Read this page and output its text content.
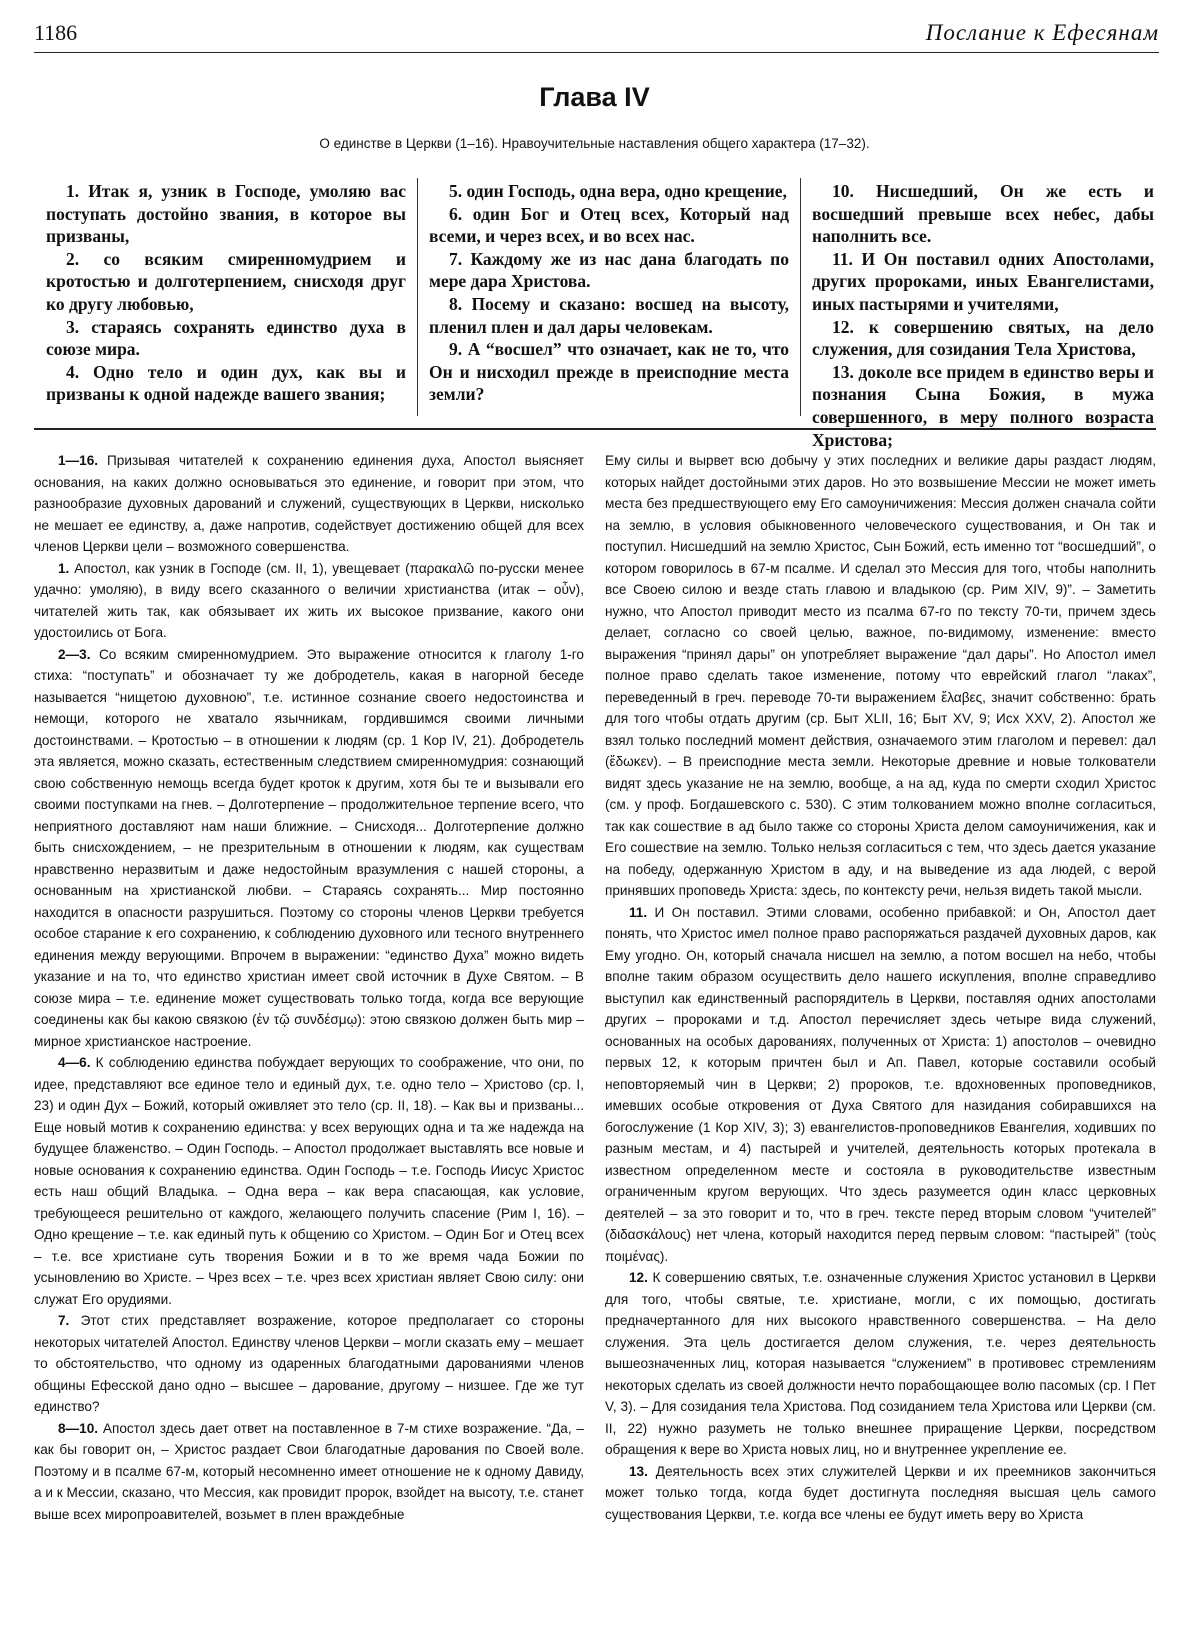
1186	Послание к Ефесянам
Глава IV
О единстве в Церкви (1–16). Нравоучительные наставления общего характера (17–32).

1. Итак я, узник в Господе, умоляю вас поступать достойно звания, в которое вы призваны,

2. со всяким смиренномудрием и кротостью и долготерпением, снисходя друг ко другу любовью,

3. стараясь сохранять единство духа в союзе мира.

4. Одно тело и один дух, как вы и призваны к одной надежде вашего звания;

5. один Господь, одна вера, одно крещение,

6. один Бог и Отец всех, Который над всеми, и через всех, и во всех нас.

7. Каждому же из нас дана благодать по мере дара Христова.

8. Посему и сказано: восшед на высоту, пленил плен и дал дары человекам.

9. А “восшел” что означает, как не то, что Он и нисходил прежде в преисподние места земли?

10. Нисшедший, Он же есть и восшедший превыше всех небес, дабы наполнить все.

11. И Он поставил одних Апостолами, других пророками, иных Евангелистами, иных пастырями и учителями,

12. к совершению святых, на дело служения, для созидания Тела Христова,

13. доколе все придем в единство веры и познания Сына Божия, в мужа совершенного, в меру полного возраста Христова;

1—16. Призывая читателей к сохранению единения духа, Апостол выясняет основания, на каких должно основываться это единение, и говорит при этом, что разнообразие духовных дарований и служений, существующих в Церкви, нисколько не мешает ее единству, а, даже напротив, содействует достижению общей для всех членов Церкви цели – возможного совершенства.

1. Апостол, как узник в Господе (см. II, 1), увещевает (παρακαλῶ по-русски менее удачно: умоляю), в виду всего сказанного о величии христианства (итак – οὖν), читателей жить так, как обязывает их жить их высокое призвание, какого они удостоились от Бога.

2—3. Со всяким смиренномудрием. Это выражение относится к глаголу 1-го стиха: “поступать” и обозначает ту же добродетель, какая в нагорной беседе называется “нищетою духовною”, т.е. истинное сознание своего недостоинства и немощи, которого не хватало язычникам, гордившимся своими личными достоинствами. – Кротостью – в отношении к людям (ср. 1 Кор IV, 21). Добродетель эта является, можно сказать, естественным следствием смиренномудрия: сознающий свою собственную немощь всегда будет кроток к другим, хотя бы те и вызывали его своими поступками на гнев. – Долготерпение – продолжительное терпение всего, что неприятного доставляют нам наши ближние. – Снисходя... Долготерпение должно быть снисхождением, – не презрительным в отношении к людям, как существам нравственно неразвитым и даже недостойным вразумления с нашей стороны, а основанным на христианской любви. – Стараясь сохранять... Мир постоянно находится в опасности разрушиться. Поэтому со стороны членов Церкви требуется особое старание к его сохранению, к соблюдению духовного или тесного внутреннего единения между верующими. Впрочем в выражении: “единство Духа” можно видеть указание и на то, что единство христиан имеет свой источник в Духе Святом. – В союзе мира – т.е. единение может существовать только тогда, когда все верующие соединены как бы какою связкою (ἐν τῷ συνδέσμῳ): этою связкою должен быть мир – мирное христианское настроение.

4—6. К соблюдению единства побуждает верующих то соображение, что они, по идее, представляют все единое тело и единый дух, т.е. одно тело – Христово (ср. I, 23) и один Дух – Божий, который оживляет это тело (ср. II, 18). – Как вы и призваны... Еще новый мотив к сохранению единства: у всех верующих одна и та же надежда на будущее блаженство. – Один Господь. – Апостол продолжает выставлять все новые и новые основания к сохранению единства. Один Господь – т.е. Господь Иисус Христос есть наш общий Владыка. – Одна вера – как вера спасающая, как условие, требующееся решительно от каждого, желающего получить спасение (Рим I, 16). – Одно крещение – т.е. как единый путь к общению со Христом. – Один Бог и Отец всех – т.е. все христиане суть творения Божии и в то же время чада Божии по усыновлению во Христе. – Чрез всех – т.е. чрез всех христиан являет Свою силу: они служат Его орудиями.

7. Этот стих представляет возражение, которое предполагает со стороны некоторых читателей Апостол. Единству членов Церкви – могли сказать ему – мешает то обстоятельство, что одному из одаренных благодатными дарованиями членов общины Ефесской дано одно – высшее – дарование, другому – низшее. Где же тут единство?

8—10. Апостол здесь дает ответ на поставленное в 7-м стихе возражение. “Да, – как бы говорит он, – Христос раздает Свои благодатные дарования по Своей воле. Поэтому и в псалме 67-м, который несомненно имеет отношение не к одному Давиду, а и к Мессии, сказано, что Мессия, как провидит пророк, взойдет на высоту, т.е. станет выше всех миропроавителей, возьмет в плен враждебные

Ему силы и вырвет всю добычу у этих последних и великие дары раздаст людям, которых найдет достойными этих даров. Но это возвышение Мессии не может иметь места без предшествующего ему Его самоуничижения: Мессия должен сначала сойти на землю, в условия обыкновенного человеческого существования, и Он так и поступил. Нисшедший на землю Христос, Сын Божий, есть именно тот “восшедший”, о котором говорилось в 67-м псалме. И сделал это Мессия для того, чтобы наполнить все Своею силою и везде стать главою и владыкою (ср. Рим XIV, 9)”. – Заметить нужно, что Апостол приводит место из псалма 67-го по тексту 70-ти, причем здесь делает, согласно со своей целью, важное, по-видимому, изменение: вместо выражения “принял дары” он употребляет выражение “дал дары”. Но Апостол имел полное право сделать такое изменение, потому что еврейский глагол “лаках”, переведенный в греч. переводе 70-ти выражением ἔλαβες, значит собственно: брать для того чтобы отдать другим (ср. Быт XLII, 16; Быт XV, 9; Исх XXV, 2). Апостол же взял только последний момент действия, означаемого этим глаголом и перевел: дал (ἔδωκεν). – В преисподние места земли. Некоторые древние и новые толкователи видят здесь указание не на землю, вообще, а на ад, куда по смерти сходил Христос (см. у проф. Богдашевского с. 530). С этим толкованием можно вполне согласиться, так как сошествие в ад было также со стороны Христа делом самоуничижения, как и Его сошествие на землю. Только нельзя согласиться с тем, что здесь дается указание на победу, одержанную Христом в аду, и на выведение из ада людей, с верой принявших проповедь Христа: здесь, по контексту речи, нельзя видеть такой мысли.

11. И Он поставил. Этими словами, особенно прибавкой: и Он, Апостол дает понять, что Христос имел полное право распоряжаться раздачей духовных даров, как Ему угодно. Он, который сначала нисшел на землю, а потом восшел на небо, чтобы вполне таким образом осуществить дело нашего искупления, вполне справедливо выступил как единственный распорядитель в Церкви, поставляя одних апостолами других – пророками и т.д. Апостол перечисляет здесь четыре вида служений, основанных на особых дарованиях, полученных от Христа: 1) апостолов – очевидно первых 12, к которым причтен был и Ап. Павел, которые составили особый неповторяемый чин в Церкви; 2) пророков, т.е. вдохновенных проповедников, имевших особые откровения от Духа Святого для назидания собиравшихся на богослужение (1 Кор XIV, 3); 3) евангелистов-проповедников Евангелия, ходивших по разным местам, и 4) пастырей и учителей, деятельность которых протекала в известном определенном месте и состояла в руководительстве известным ограниченным кругом верующих. Что здесь разумеется один класс церковных деятелей – за это говорит и то, что в греч. тексте перед вторым словом “учителей” (διδασκάλους) нет члена, который находится перед первым словом: “пастырей” (τοὺς ποιμένας).

12. К совершению святых, т.е. означенные служения Христос установил в Церкви для того, чтобы святые, т.е. христиане, могли, с их помощью, достигать предначертанного для них высокого нравственного совершенства. – На дело служения. Эта цель достигается делом служения, т.е. через деятельность вышеозначенных лиц, которая называется “служением” в противовес стремлениям некоторых сделать из своей должности нечто порабощающее волю пасомых (ср. I Пет V, 3). – Для созидания тела Христова. Под созиданием тела Христова или Церкви (см. II, 22) нужно разуметь не только внешнее приращение Церкви, посредством обращения к вере во Христа новых лиц, но и внутреннее укрепление ее.

13. Деятельность всех этих служителей Церкви и их преемников закончиться может только тогда, когда будет достигнута последняя высшая цель самого существования Церкви, т.е. когда все члены ее будут иметь веру во Христа
